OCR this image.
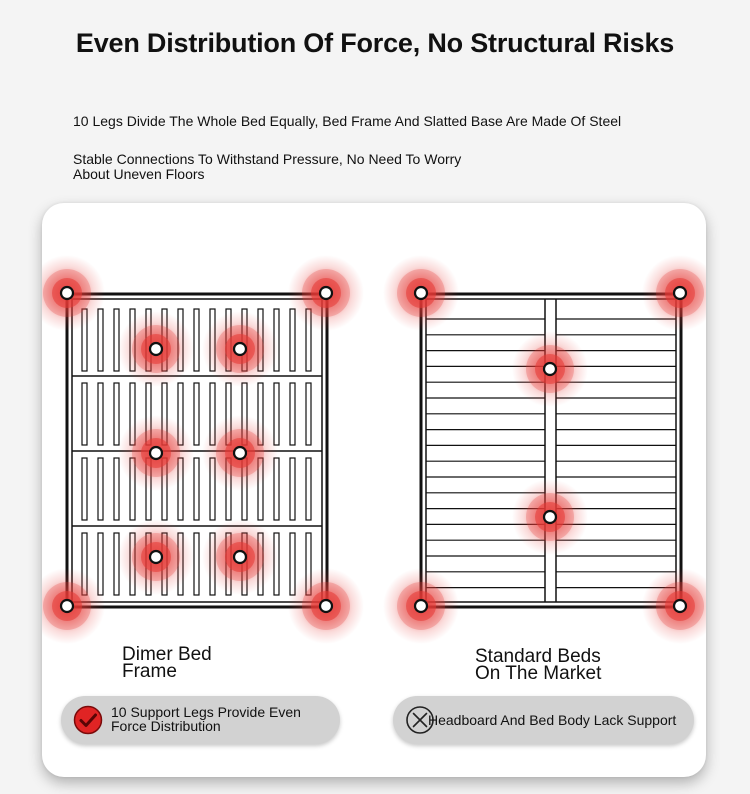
Even Distribution Of Force, No Structural Risks
10 Legs Divide The Whole Bed Equally, Bed Frame And Slatted Base Are Made Of Steel
Stable Connections To Withstand Pressure, No Need To Worry About Uneven Floors
Dimer Bed
Frame
Standard Beds
On The Market
10 Support Legs Provide Even Force Distribution	Headboard And Bed Body Lack Support
